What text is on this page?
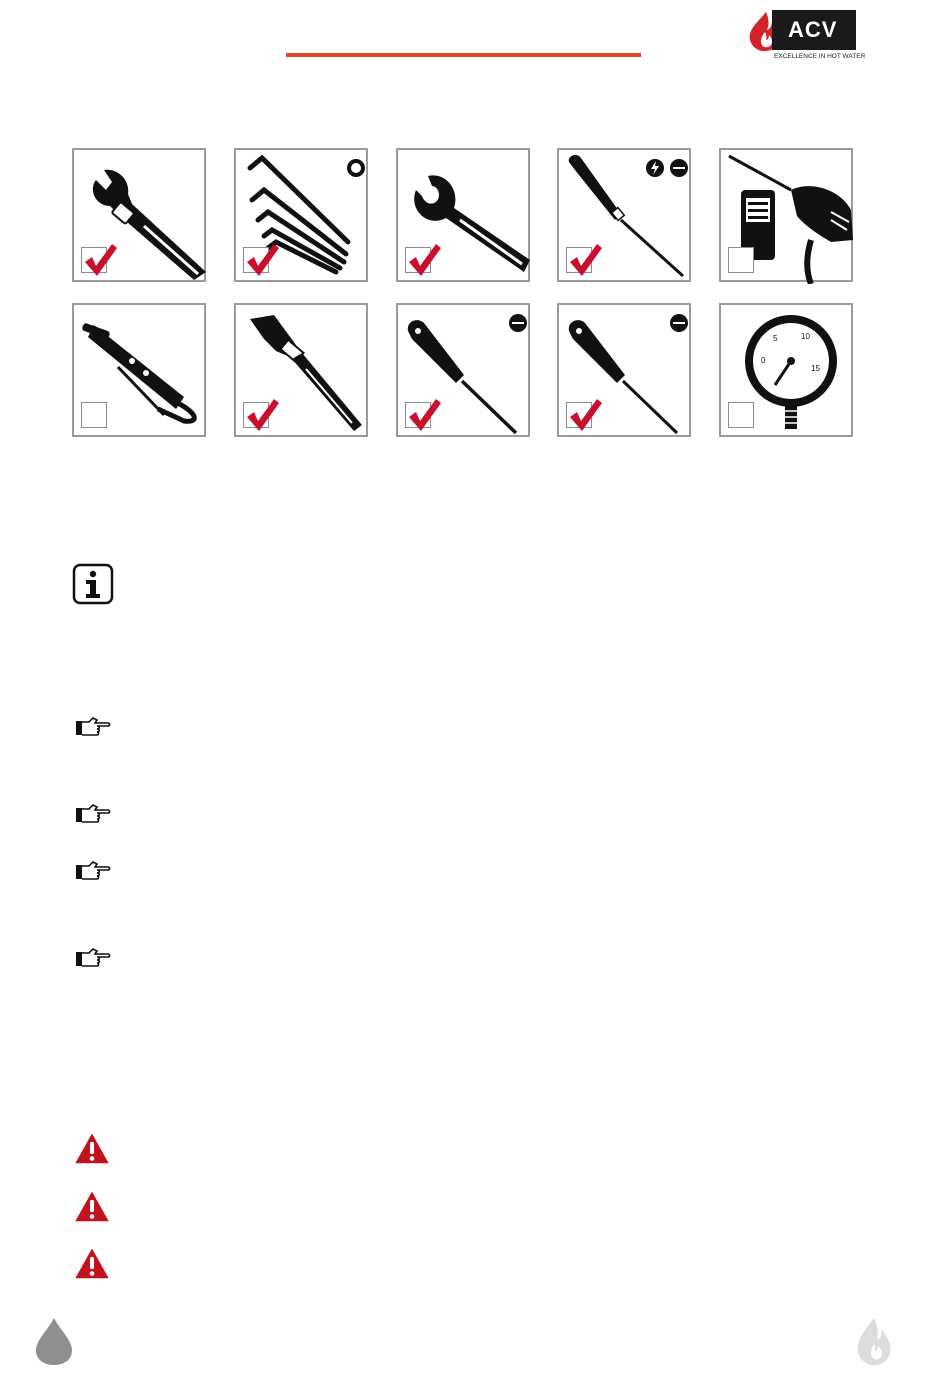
ACV
EXCELLENCE IN HOT WATER
0
5	10
15
